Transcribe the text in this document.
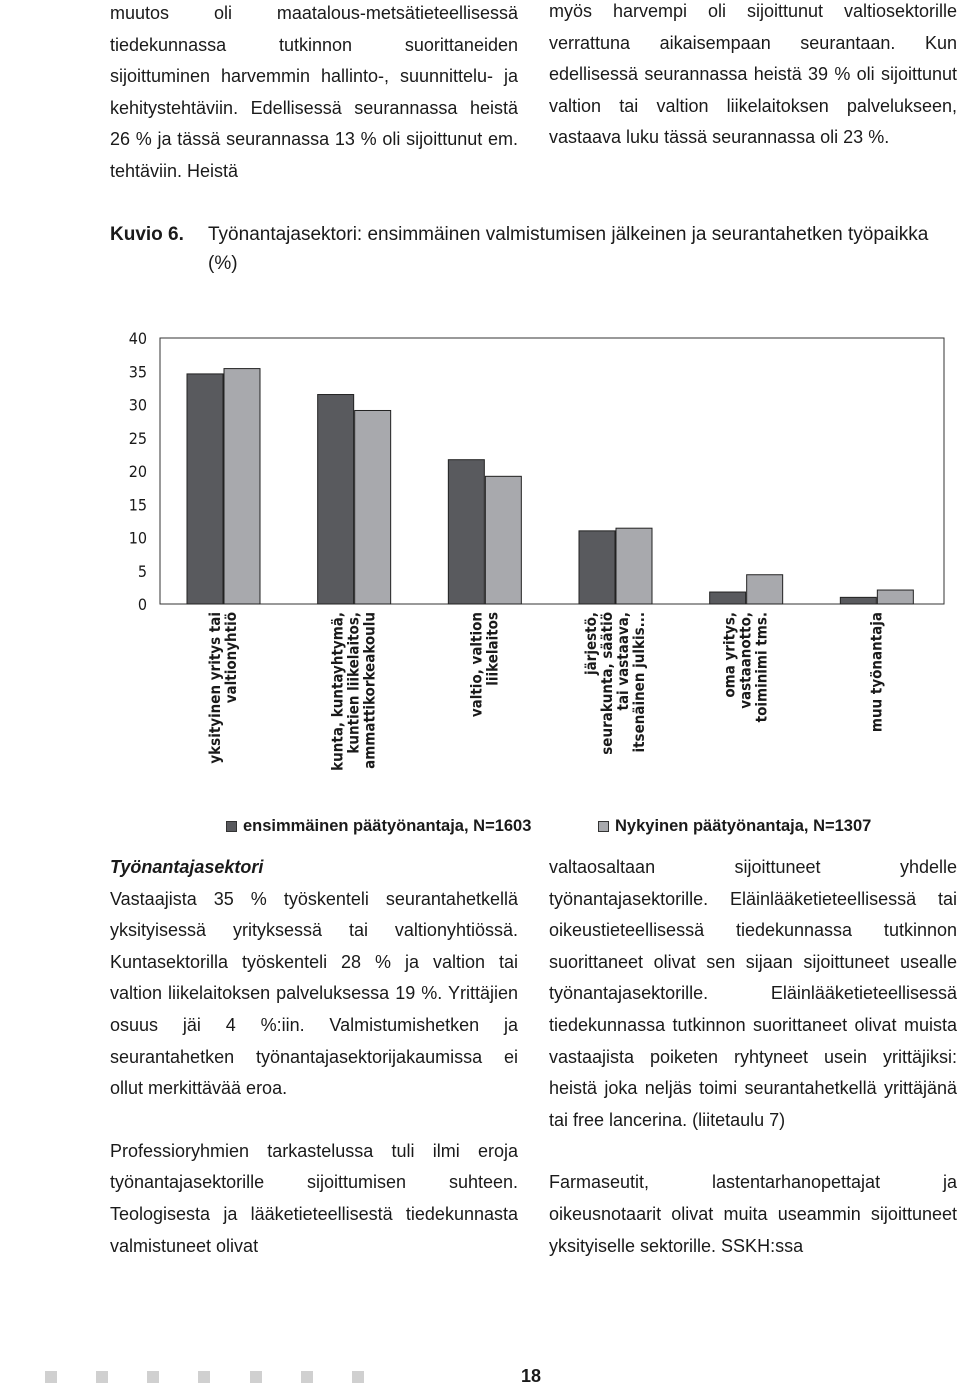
muutos oli maatalous-metsätieteellisessä tiedekunnassa tutkinnon suorittaneiden sijoittuminen harvemmin hallinto-, suunnittelu- ja kehitystehtäviin. Edellisessä seurannassa heistä 26 % ja tässä seurannassa 13 % oli sijoittunut em. tehtäviin. Heistä

myös harvempi oli sijoittunut valtiosektorille verrattuna aikaisempaan seurantaan. Kun edellisessä seurannassa heistä 39 % oli sijoittunut valtion tai valtion liikelaitoksen palvelukseen, vastaava luku tässä seurannassa oli 23 %.

Kuvio 6. Työnantajasektori: ensimmäinen valmistumisen jälkeinen ja seurantahetken työpaikka (%)
0
5
10
15
20
25
30
35
40
yksityinen yritys tai
valtionyhtiö	kunta, kuntayhtymä,
kuntien liikelaitos,
ammattikorkeakoulu	valtio, valtion
liikelaitos	järjestö,
seurakunta, säätiö
tai vastaava,
itsenäinen julkis...	oma yritys,
vastaanotto,
toiminimi tms.	muu työnantaja
ensimmäinen päätyönantaja, N=1603	Nykyinen päätyönantaja, N=1307
Työnantajasektori

Vastaajista 35 % työskenteli seurantahetkellä yksityisessä yrityksessä tai valtionyhtiössä. Kuntasektorilla työskenteli 28 % ja valtion tai valtion liikelaitoksen palveluksessa 19 %. Yrittäjien osuus jäi 4 %:iin. Valmistumishetken ja seurantahetken työnantajasektorijakaumissa ei ollut merkittävää eroa.

Professioryhmien tarkastelussa tuli ilmi eroja työnantajasektorille sijoittumisen suhteen. Teologisesta ja lääketieteellisestä tiedekunnasta valmistuneet olivat

valtaosaltaan sijoittuneet yhdelle työnantajasektorille. Eläinlääketieteellisessä tai oikeustieteellisessä tiedekunnassa tutkinnon suorittaneet olivat sen sijaan sijoittuneet usealle työnantajasektorille. Eläinlääketieteellisessä tiedekunnassa tutkinnon suorittaneet olivat muista vastaajista poiketen ryhtyneet usein yrittäjiksi: heistä joka neljäs toimi seurantahetkellä yrittäjänä tai free lancerina. (liitetaulu 7)

Farmaseutit, lastentarhanopettajat ja oikeusnotaarit olivat muita useammin sijoittuneet yksityiselle sektorille. SSKH:ssa

18
